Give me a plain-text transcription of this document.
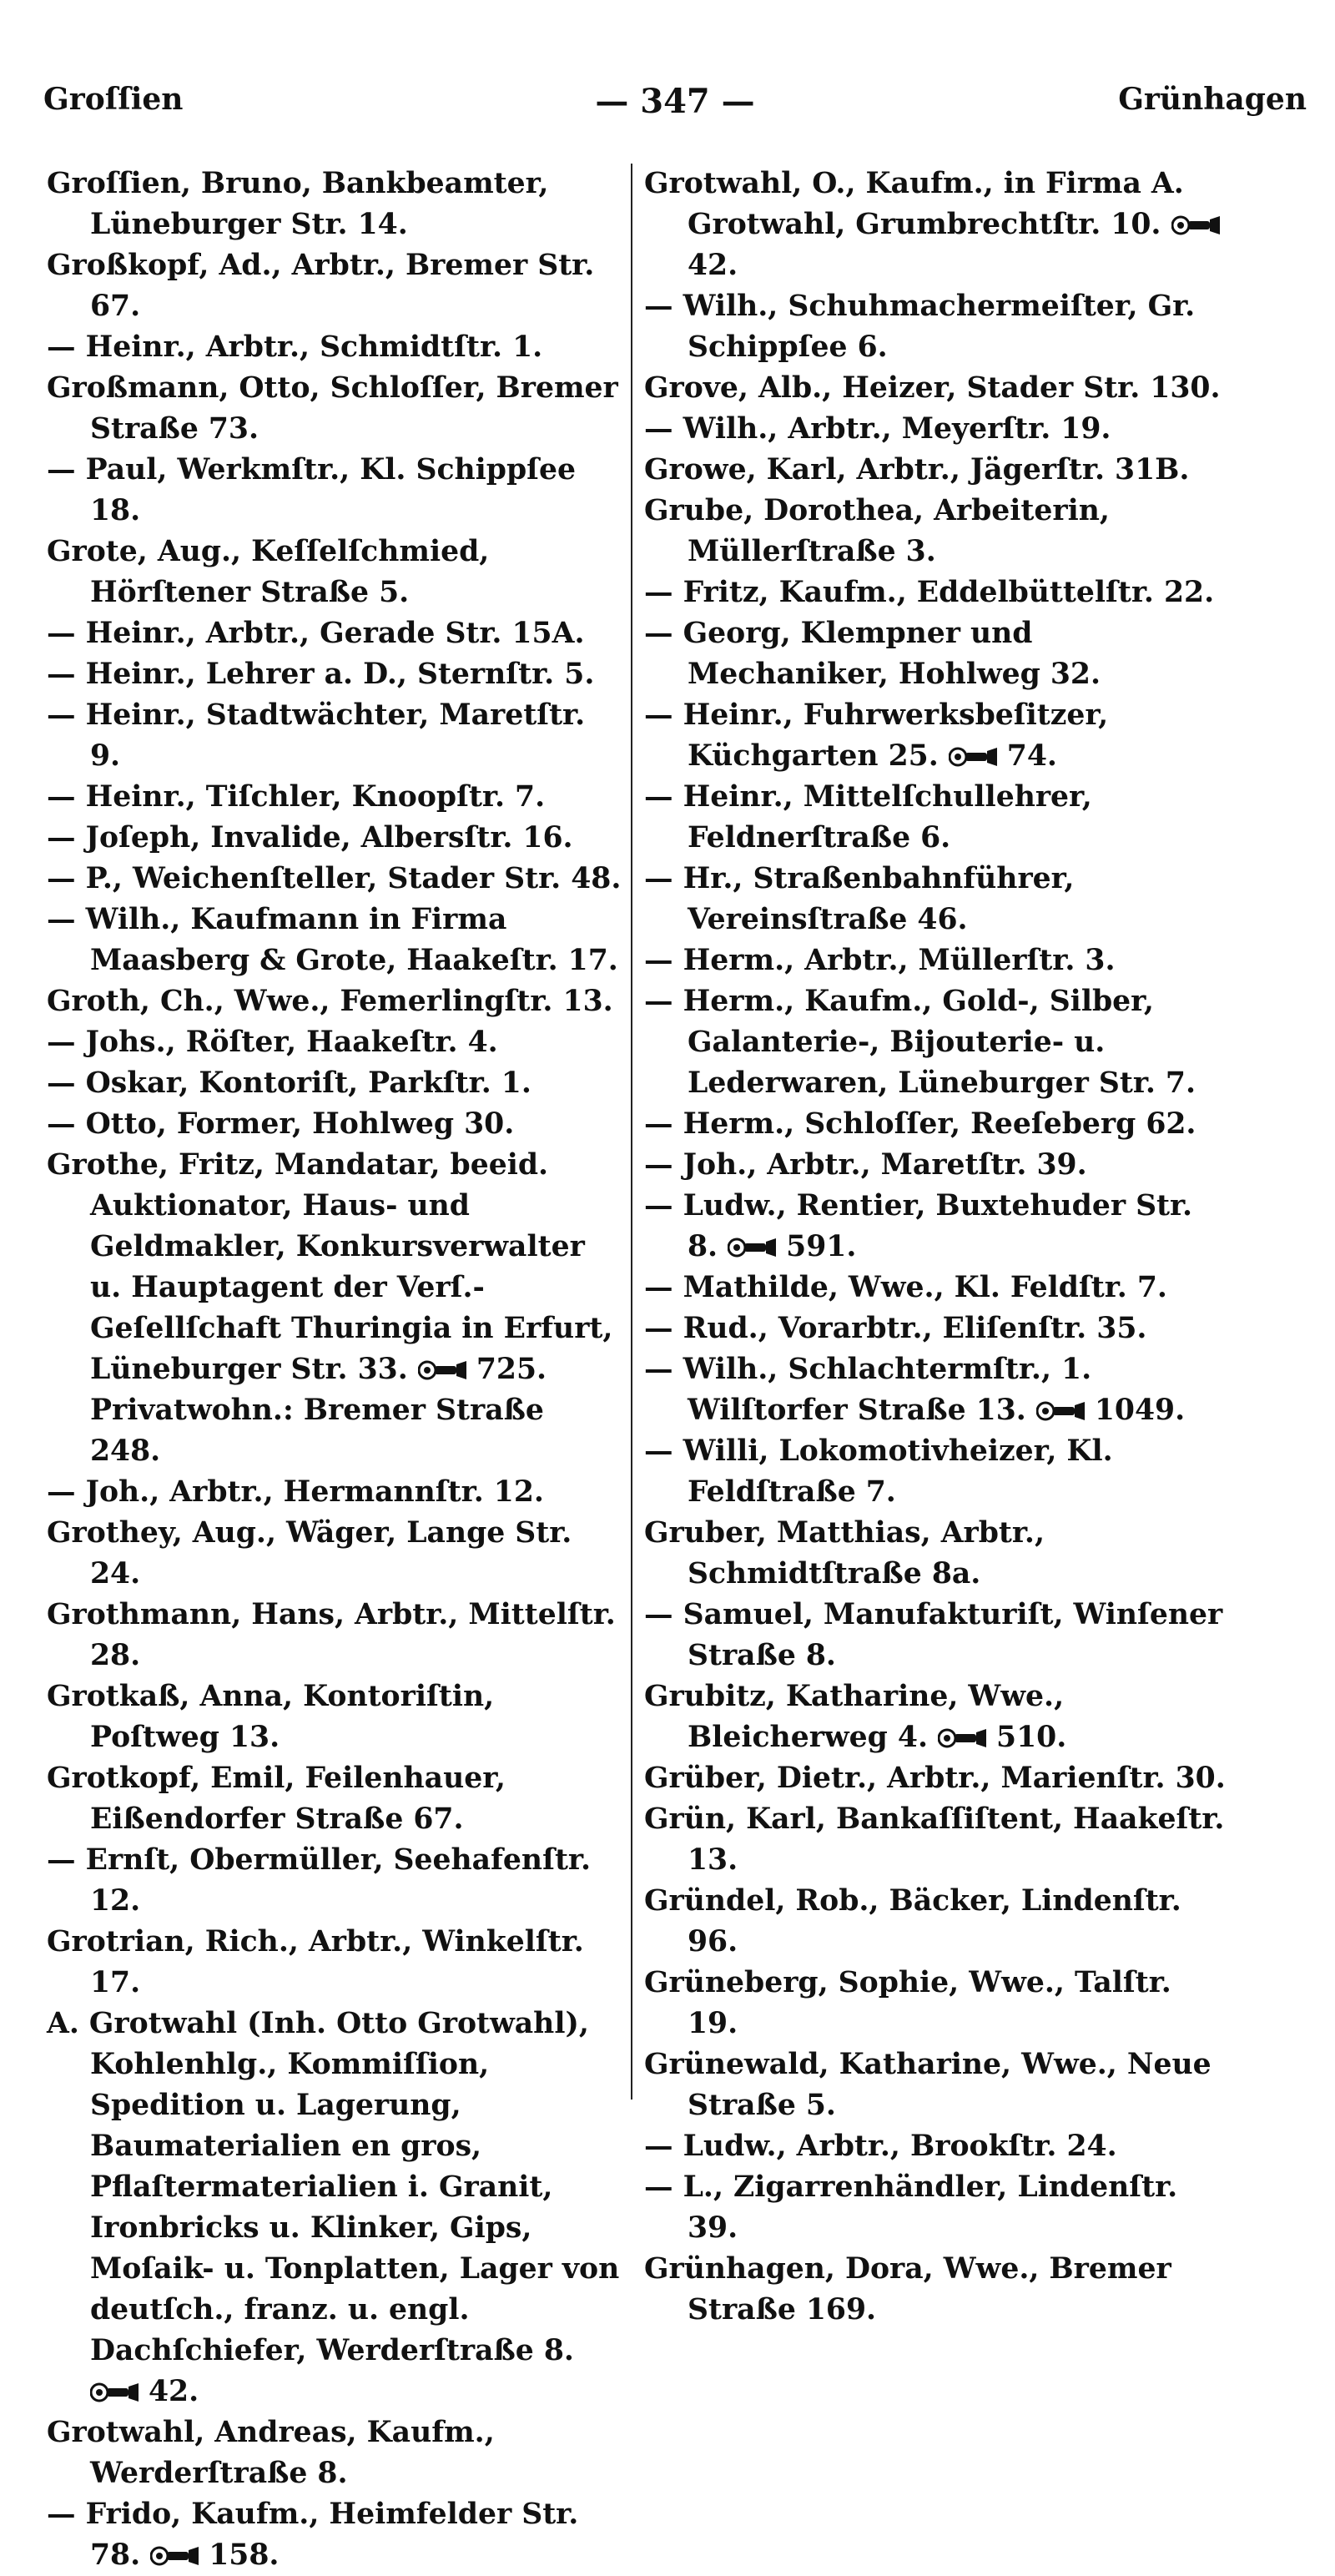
Groſſien	— 347 —	Grünhagen

Groſſien, Bruno, Bankbeamter, Lüneburger Str. 14.

Großkopf, Ad., Arbtr., Bremer Str. 67.

— Heinr., Arbtr., Schmidtſtr. 1.

Großmann, Otto, Schloſſer, Bremer Straße 73.

— Paul, Werkmſtr., Kl. Schippſee 18.

Grote, Aug., Keſſelſchmied, Hörſtener Straße 5.

— Heinr., Arbtr., Gerade Str. 15A.

— Heinr., Lehrer a. D., Sternſtr. 5.

— Heinr., Stadtwächter, Maretſtr. 9.

— Heinr., Tiſchler, Knoopſtr. 7.

— Joſeph, Invalide, Albersſtr. 16.

— P., Weichenſteller, Stader Str. 48.

— Wilh., Kaufmann in Firma Maasberg & Grote, Haakeſtr. 17.

Groth, Ch., Wwe., Femerlingſtr. 13.

— Johs., Röſter, Haakeſtr. 4.

— Oskar, Kontoriſt, Parkſtr. 1.

— Otto, Former, Hohlweg 30.

Grothe, Fritz, Mandatar, beeid. Auktionator, Haus- und Geldmakler, Konkursverwalter u. Hauptagent der Verſ.-Geſellſchaft Thuringia in Erfurt, Lüneburger Str. 33. 725. Privatwohn.: Bremer Straße 248.

— Joh., Arbtr., Hermannſtr. 12.

Grothey, Aug., Wäger, Lange Str. 24.

Grothmann, Hans, Arbtr., Mittelſtr. 28.

Grotkaß, Anna, Kontoriſtin, Poſtweg 13.

Grotkopf, Emil, Feilenhauer, Eißendorfer Straße 67.

— Ernſt, Obermüller, Seehafenſtr. 12.

Grotrian, Rich., Arbtr., Winkelſtr. 17.

A. Grotwahl (Inh. Otto Grotwahl), Kohlenhlg., Kommiſſion, Spedition u. Lagerung, Baumaterialien en gros, Pflaſtermaterialien i. Granit, Ironbricks u. Klinker, Gips, Moſaik- u. Tonplatten, Lager von deutſch., franz. u. engl. Dachſchiefer, Werderſtraße 8.
42.

Grotwahl, Andreas, Kaufm., Werderſtraße 8.

— Frido, Kaufm., Heimfelder Str. 78. 158.

Grotwahl, O., Kaufm., in Firma A. Grotwahl, Grumbrechtſtr. 10.
42.

— Wilh., Schuhmachermeiſter, Gr. Schippſee 6.

Grove, Alb., Heizer, Stader Str. 130.

— Wilh., Arbtr., Meyerſtr. 19.

Growe, Karl, Arbtr., Jägerſtr. 31B.

Grube, Dorothea, Arbeiterin, Müllerſtraße 3.

— Fritz, Kaufm., Eddelbüttelſtr. 22.

— Georg, Klempner und Mechaniker, Hohlweg 32.

— Heinr., Fuhrwerksbeſitzer, Küchgarten 25. 74.

— Heinr., Mittelſchullehrer, Feldnerſtraße 6.

— Hr., Straßenbahnführer, Vereinsſtraße 46.

— Herm., Arbtr., Müllerſtr. 3.

— Herm., Kaufm., Gold-, Silber, Galanterie-, Bijouterie- u. Lederwaren, Lüneburger Str. 7.

— Herm., Schloſſer, Reeſeberg 62.

— Joh., Arbtr., Maretſtr. 39.

— Ludw., Rentier, Buxtehuder Str. 8. 591.

— Mathilde, Wwe., Kl. Feldſtr. 7.

— Rud., Vorarbtr., Eliſenſtr. 35.

— Wilh., Schlachtermſtr., 1. Wilſtorfer Straße 13. 1049.

— Willi, Lokomotivheizer, Kl. Feldſtraße 7.

Gruber, Matthias, Arbtr., Schmidtſtraße 8a.

— Samuel, Manufakturiſt, Winſener Straße 8.

Grubitz, Katharine, Wwe., Bleicherweg 4. 510.

Grüber, Dietr., Arbtr., Marienſtr. 30.

Grün, Karl, Bankaſſiſtent, Haakeſtr. 13.

Gründel, Rob., Bäcker, Lindenſtr. 96.

Grüneberg, Sophie, Wwe., Talſtr. 19.

Grünewald, Katharine, Wwe., Neue Straße 5.

— Ludw., Arbtr., Brookſtr. 24.

— L., Zigarrenhändler, Lindenſtr. 39.

Grünhagen, Dora, Wwe., Bremer Straße 169.
